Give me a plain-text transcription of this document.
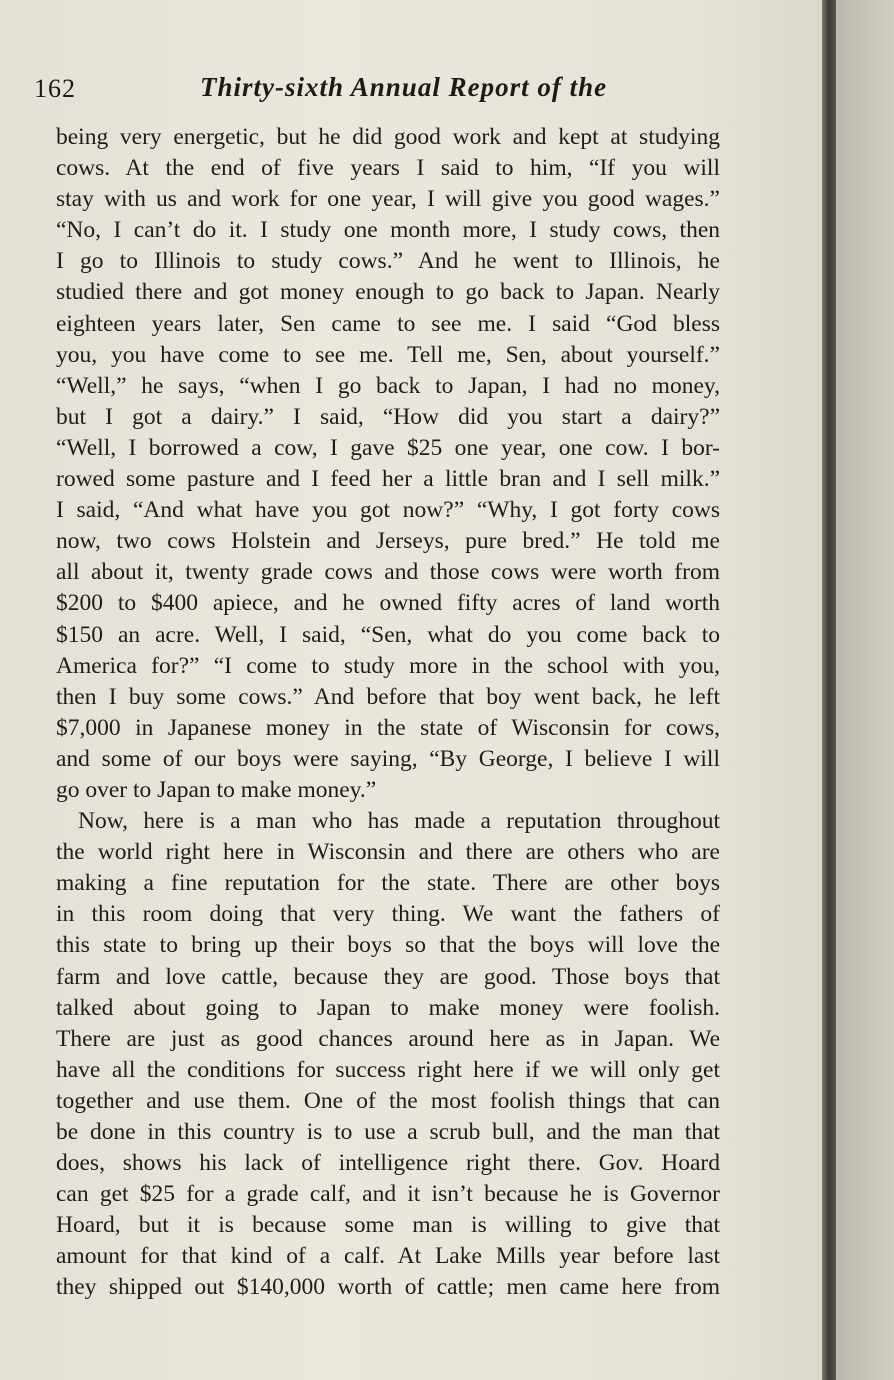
162	Thirty-sixth Annual Report of the
being very energetic, but he did good work and kept at studying
cows. At the end of five years I said to him, “If you will
stay with us and work for one year, I will give you good wages.”
“No, I can’t do it. I study one month more, I study cows, then
I go to Illinois to study cows.” And he went to Illinois, he
studied there and got money enough to go back to Japan. Nearly
eighteen years later, Sen came to see me. I said “God bless
you, you have come to see me. Tell me, Sen, about yourself.”
“Well,” he says, “when I go back to Japan, I had no money,
but I got a dairy.” I said, “How did you start a dairy?”
“Well, I borrowed a cow, I gave $25 one year, one cow. I bor-
rowed some pasture and I feed her a little bran and I sell milk.”
I said, “And what have you got now?” “Why, I got forty cows
now, two cows Holstein and Jerseys, pure bred.” He told me
all about it, twenty grade cows and those cows were worth from
$200 to $400 apiece, and he owned fifty acres of land worth
$150 an acre. Well, I said, “Sen, what do you come back to
America for?” “I come to study more in the school with you,
then I buy some cows.” And before that boy went back, he left
$7,000 in Japanese money in the state of Wisconsin for cows,
and some of our boys were saying, “By George, I believe I will
go over to Japan to make money.”
Now, here is a man who has made a reputation throughout
the world right here in Wisconsin and there are others who are
making a fine reputation for the state. There are other boys
in this room doing that very thing. We want the fathers of
this state to bring up their boys so that the boys will love the
farm and love cattle, because they are good. Those boys that
talked about going to Japan to make money were foolish.
There are just as good chances around here as in Japan. We
have all the conditions for success right here if we will only get
together and use them. One of the most foolish things that can
be done in this country is to use a scrub bull, and the man that
does, shows his lack of intelligence right there. Gov. Hoard
can get $25 for a grade calf, and it isn’t because he is Governor
Hoard, but it is because some man is willing to give that
amount for that kind of a calf. At Lake Mills year before last
they shipped out $140,000 worth of cattle; men came here from
